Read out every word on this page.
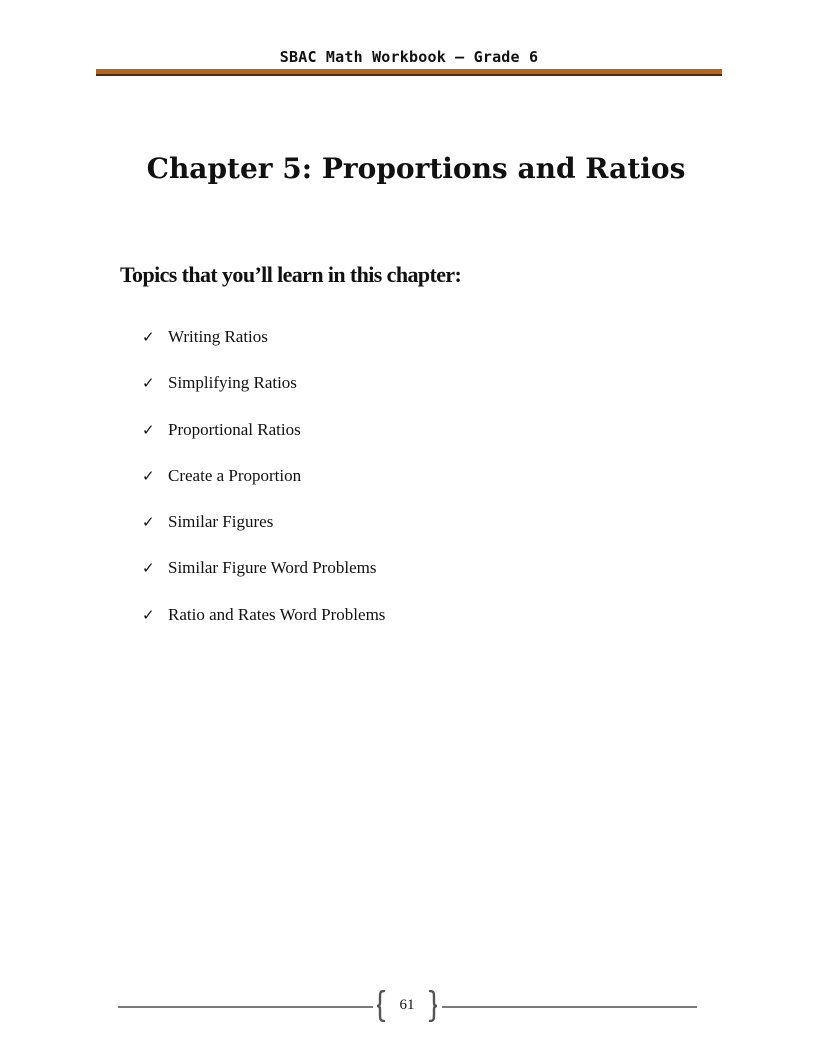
SBAC Math Workbook – Grade 6
Chapter 5: Proportions and Ratios
Topics that you’ll learn in this chapter:
✓ Writing Ratios
✓ Simplifying Ratios
✓ Proportional Ratios
✓ Create a Proportion
✓ Similar Figures
✓ Similar Figure Word Problems
✓ Ratio and Rates Word Problems
61
